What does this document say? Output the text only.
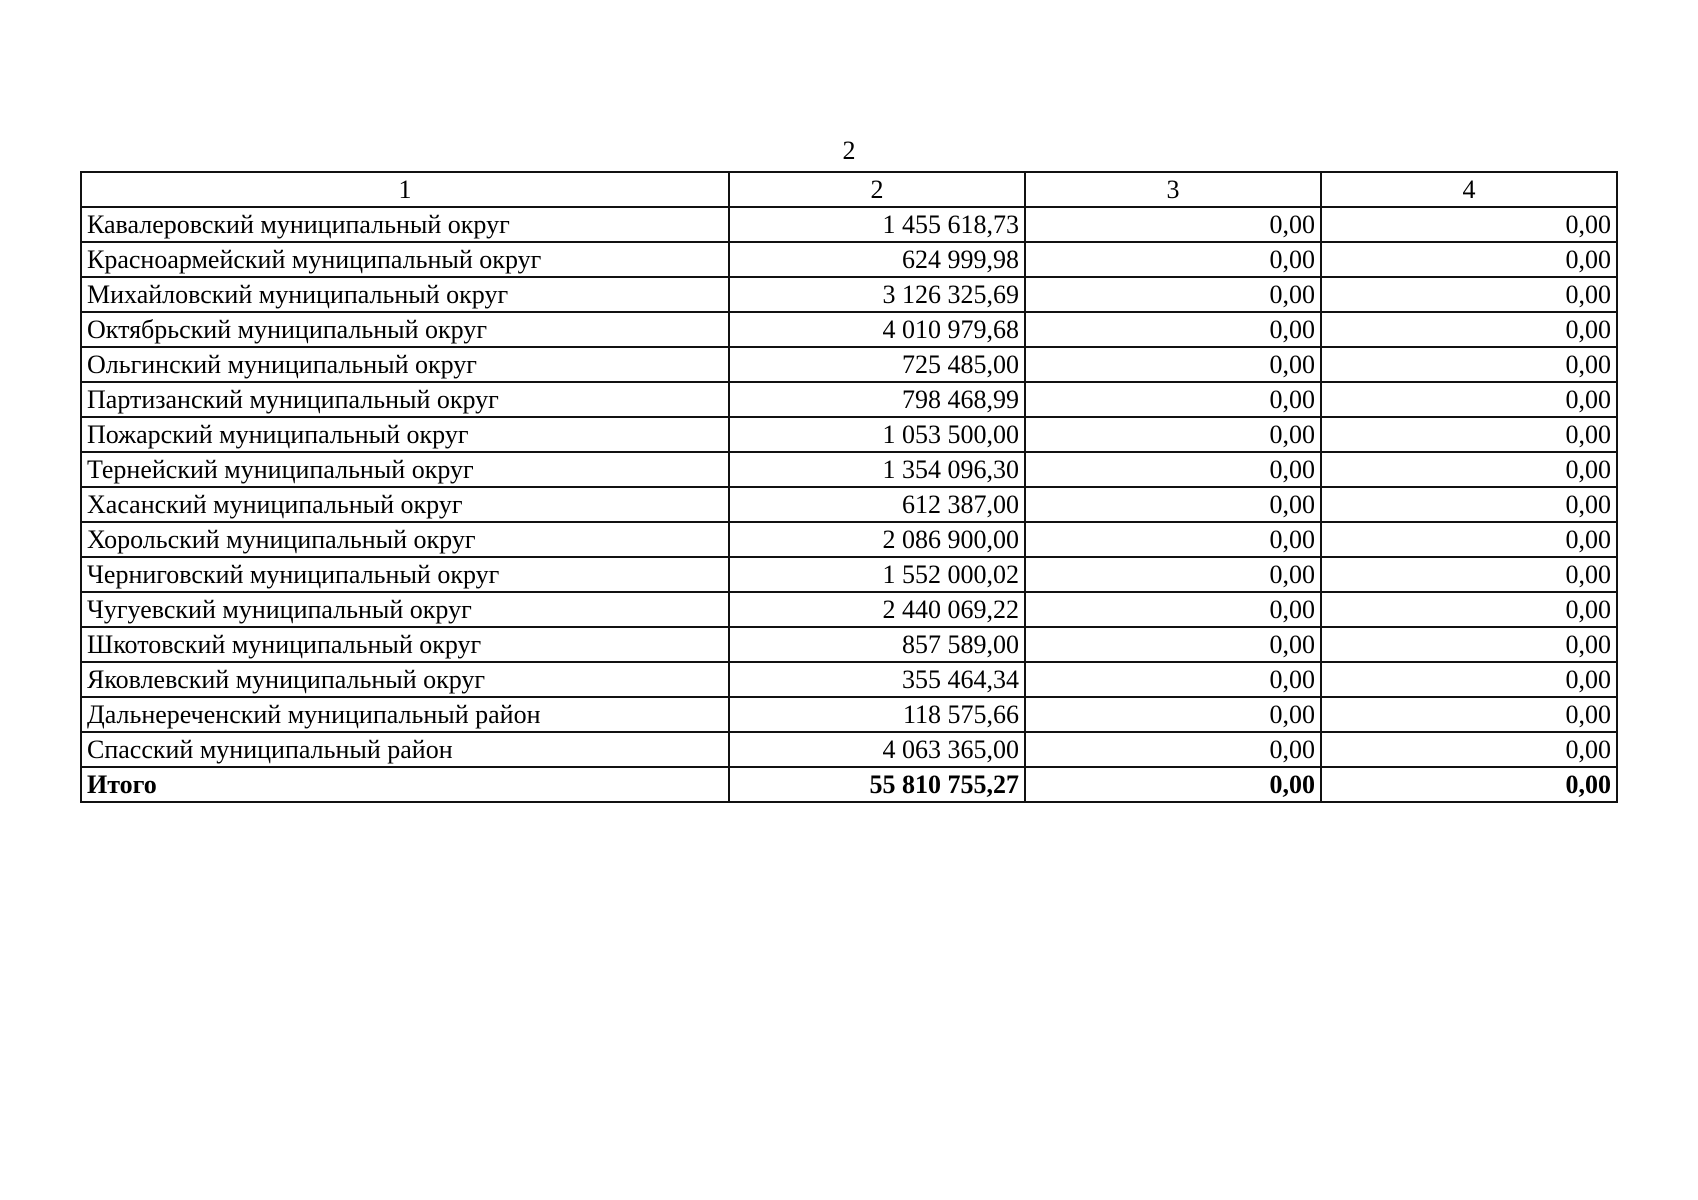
2
1	2	3	4
Кавалеровский муниципальный округ	1 455 618,73	0,00	0,00
Красноармейский муниципальный округ	624 999,98	0,00	0,00
Михайловский муниципальный округ	3 126 325,69	0,00	0,00
Октябрьский муниципальный округ	4 010 979,68	0,00	0,00
Ольгинский муниципальный округ	725 485,00	0,00	0,00
Партизанский муниципальный округ	798 468,99	0,00	0,00
Пожарский муниципальный округ	1 053 500,00	0,00	0,00
Тернейский муниципальный округ	1 354 096,30	0,00	0,00
Хасанский муниципальный округ	612 387,00	0,00	0,00
Хорольский муниципальный округ	2 086 900,00	0,00	0,00
Черниговский муниципальный округ	1 552 000,02	0,00	0,00
Чугуевский муниципальный округ	2 440 069,22	0,00	0,00
Шкотовский муниципальный округ	857 589,00	0,00	0,00
Яковлевский муниципальный округ	355 464,34	0,00	0,00
Дальнереченский муниципальный район	118 575,66	0,00	0,00
Спасский муниципальный район	4 063 365,00	0,00	0,00
Итого	55 810 755,27	0,00	0,00
